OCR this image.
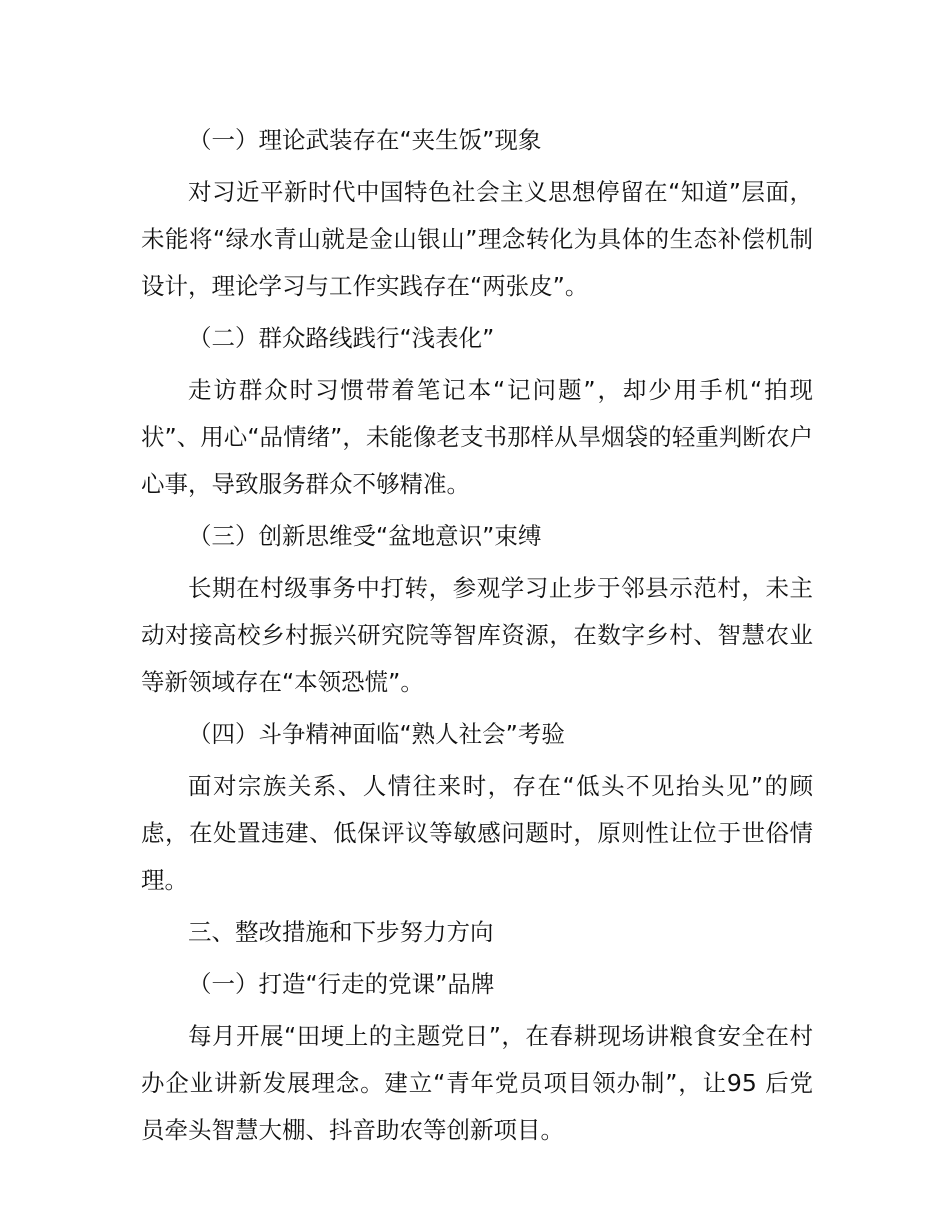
（一）理论武装存在“夹生饭”现象

对习近平新时代中国特色社会主义思想停留在“知道”层面，未能将“绿水青山就是金山银山”理念转化为具体的生态补偿机制设计，理论学习与工作实践存在“两张皮”。

（二）群众路线践行“浅表化”

走访群众时习惯带着笔记本“记问题”，却少用手机“拍现状”、用心“品情绪”，未能像老支书那样从旱烟袋的轻重判断农户心事，导致服务群众不够精准。

（三）创新思维受“盆地意识”束缚

长期在村级事务中打转，参观学习止步于邻县示范村，未主动对接高校乡村振兴研究院等智库资源，在数字乡村、智慧农业等新领域存在“本领恐慌”。

（四）斗争精神面临“熟人社会”考验

面对宗族关系、人情往来时，存在“低头不见抬头见”的顾虑，在处置违建、低保评议等敏感问题时，原则性让位于世俗情理。

三、整改措施和下步努力方向

（一）打造“行走的党课”品牌

每月开展“田埂上的主题党日”，在春耕现场讲粮食安全在村办企业讲新发展理念。建立“青年党员项目领办制”，让95 后党员牵头智慧大棚、抖音助农等创新项目。
